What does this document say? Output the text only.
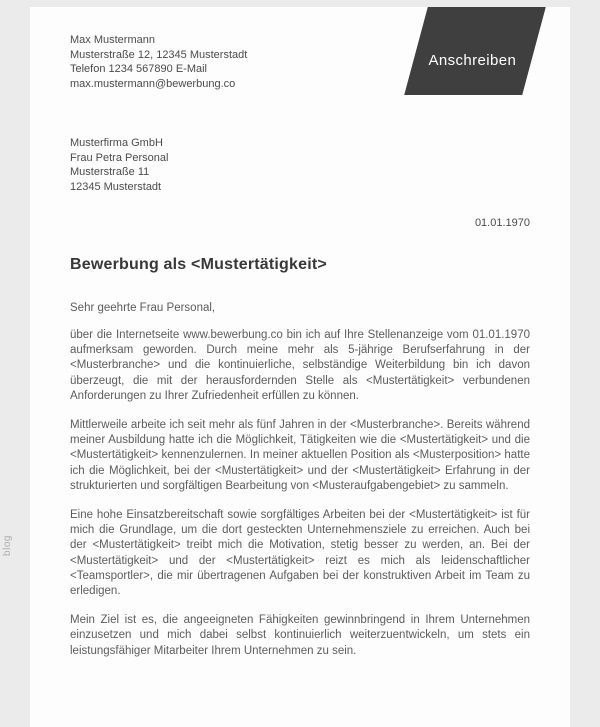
blog
Anschreiben
Max Mustermann
Musterstraße 12, 12345 Musterstadt
Telefon 1234 567890 E-Mail max.mustermann@bewerbung.co
Musterfirma GmbH
Frau Petra Personal
Musterstraße 11
12345 Musterstadt
01.01.1970
Bewerbung als <Mustertätigkeit>
Sehr geehrte Frau Personal,

über die Internetseite www.bewerbung.co bin ich auf Ihre Stellenanzeige vom 01.01.1970 aufmerksam geworden. Durch meine mehr als 5-jährige Berufserfahrung in der <Musterbranche> und die kontinuierliche, selbständige Weiterbildung bin ich davon überzeugt, die mit der herausfordernden Stelle als <Mustertätigkeit> verbundenen Anforderungen zu Ihrer Zufriedenheit erfüllen zu können.

Mittlerweile arbeite ich seit mehr als fünf Jahren in der <Musterbranche>. Bereits während meiner Ausbildung hatte ich die Möglichkeit, Tätigkeiten wie die <Mustertätigkeit> und die <Mustertätigkeit> kennenzulernen. In meiner aktuellen Position als <Musterposition> hatte ich die Möglichkeit, bei der <Mustertätigkeit> und der <Mustertätigkeit> Erfahrung in der strukturierten und sorgfältigen Bearbeitung von <Musteraufgabengebiet> zu sammeln.

Eine hohe Einsatzbereitschaft sowie sorgfältiges Arbeiten bei der <Mustertätigkeit> ist für mich die Grundlage, um die dort gesteckten Unternehmensziele zu erreichen. Auch bei der <Mustertätigkeit> treibt mich die Motivation, stetig besser zu werden, an. Bei der <Mustertätigkeit> und der <Mustertätigkeit> reizt es mich als leidenschaftlicher <Teamsportler>, die mir übertragenen Aufgaben bei der konstruktiven Arbeit im Team zu erledigen.

Mein Ziel ist es, die angeeigneten Fähigkeiten gewinnbringend in Ihrem Unternehmen einzusetzen und mich dabei selbst kontinuierlich weiterzuentwickeln, um stets ein leistungsfähiger Mitarbeiter Ihrem Unternehmen zu sein.
